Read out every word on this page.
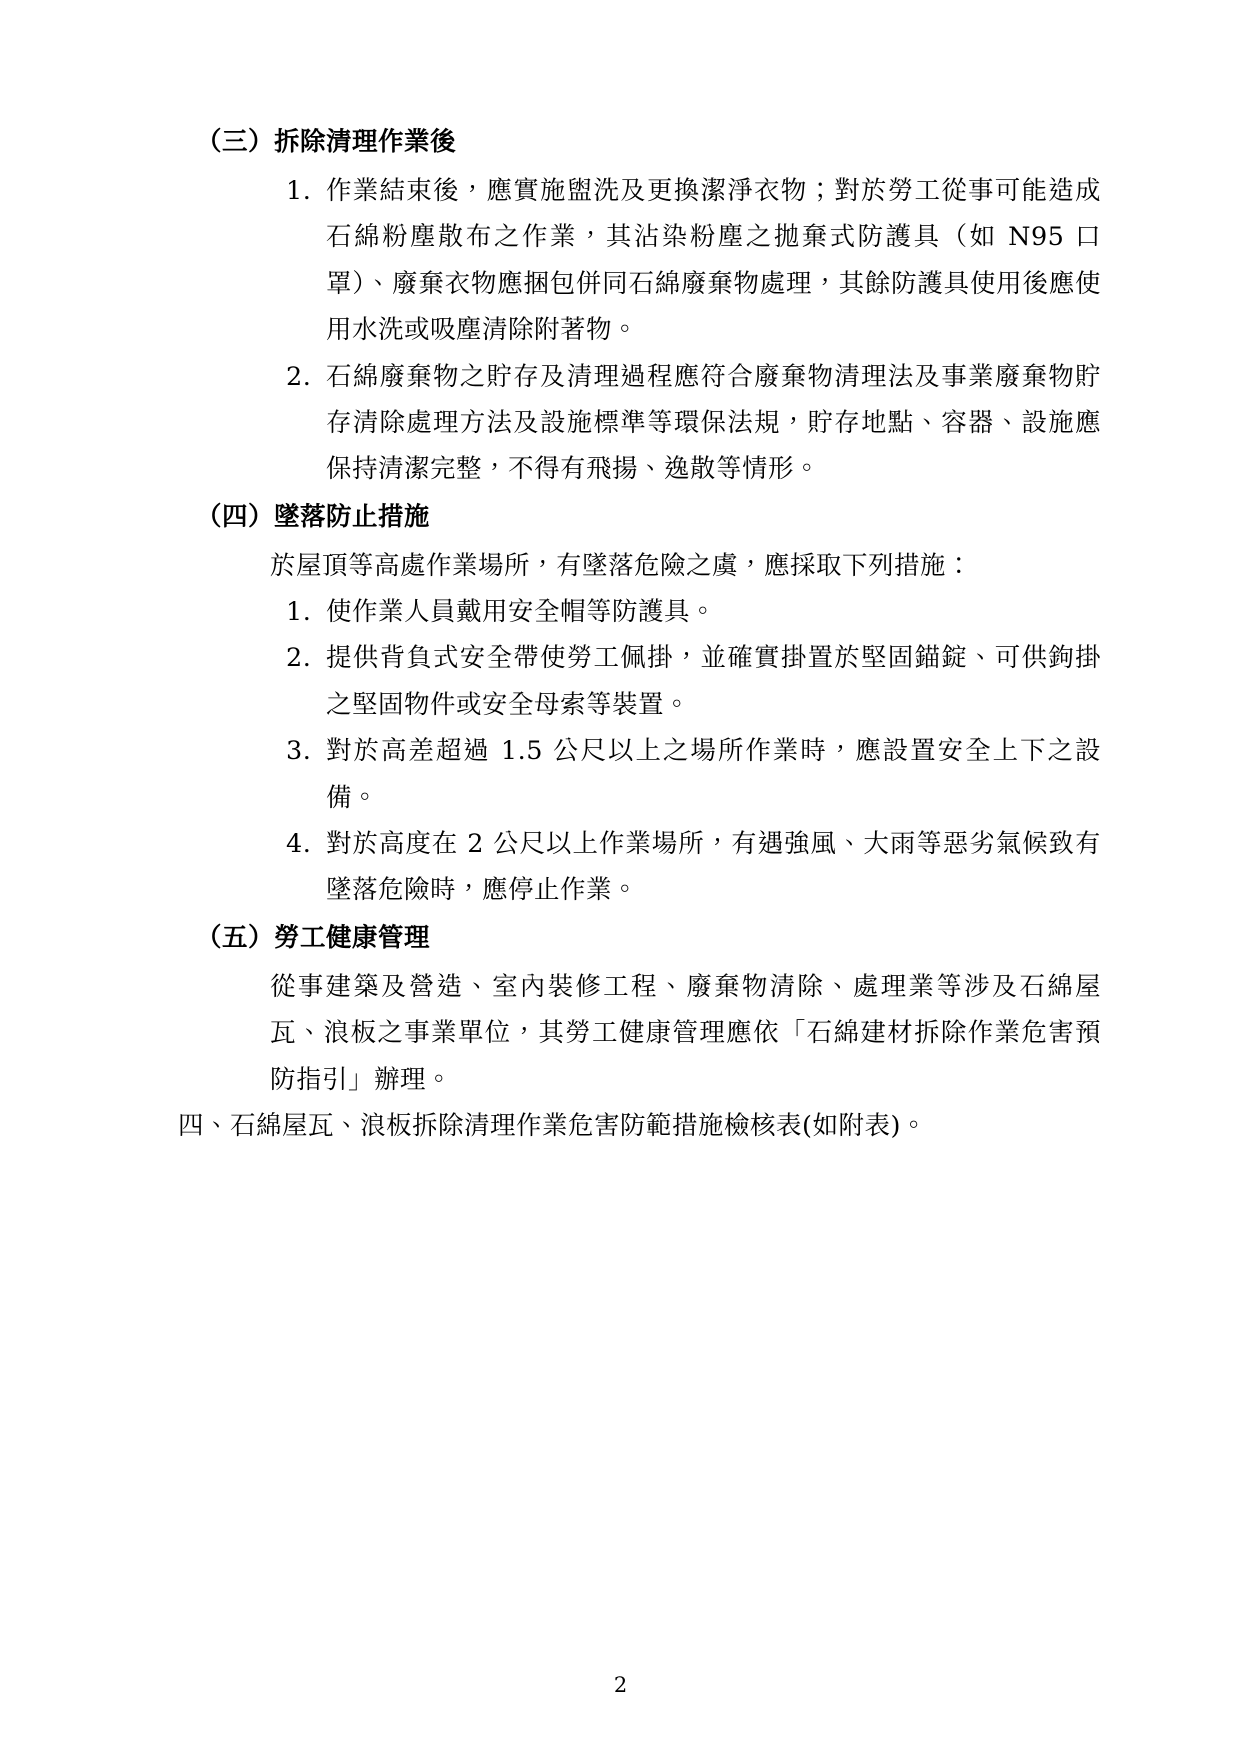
（三）拆除清理作業後
1. 作業結束後，應實施盥洗及更換潔淨衣物；對於勞工從事可能造成石綿粉塵散布之作業，其沾染粉塵之拋棄式防護具（如 N95 口罩）、廢棄衣物應捆包併同石綿廢棄物處理，其餘防護具使用後應使用水洗或吸塵清除附著物。
2. 石綿廢棄物之貯存及清理過程應符合廢棄物清理法及事業廢棄物貯存清除處理方法及設施標準等環保法規，貯存地點、容器、設施應保持清潔完整，不得有飛揚、逸散等情形。
（四）墜落防止措施
於屋頂等高處作業場所，有墜落危險之虞，應採取下列措施：
1. 使作業人員戴用安全帽等防護具。
2. 提供背負式安全帶使勞工佩掛，並確實掛置於堅固錨錠、可供鉤掛之堅固物件或安全母索等裝置。
3. 對於高差超過 1.5 公尺以上之場所作業時，應設置安全上下之設備。
4. 對於高度在 2 公尺以上作業場所，有遇強風、大雨等惡劣氣候致有墜落危險時，應停止作業。
（五）勞工健康管理
從事建築及營造、室內裝修工程、廢棄物清除、處理業等涉及石綿屋瓦、浪板之事業單位，其勞工健康管理應依「石綿建材拆除作業危害預防指引」辦理。
四、石綿屋瓦、浪板拆除清理作業危害防範措施檢核表(如附表)。
2
